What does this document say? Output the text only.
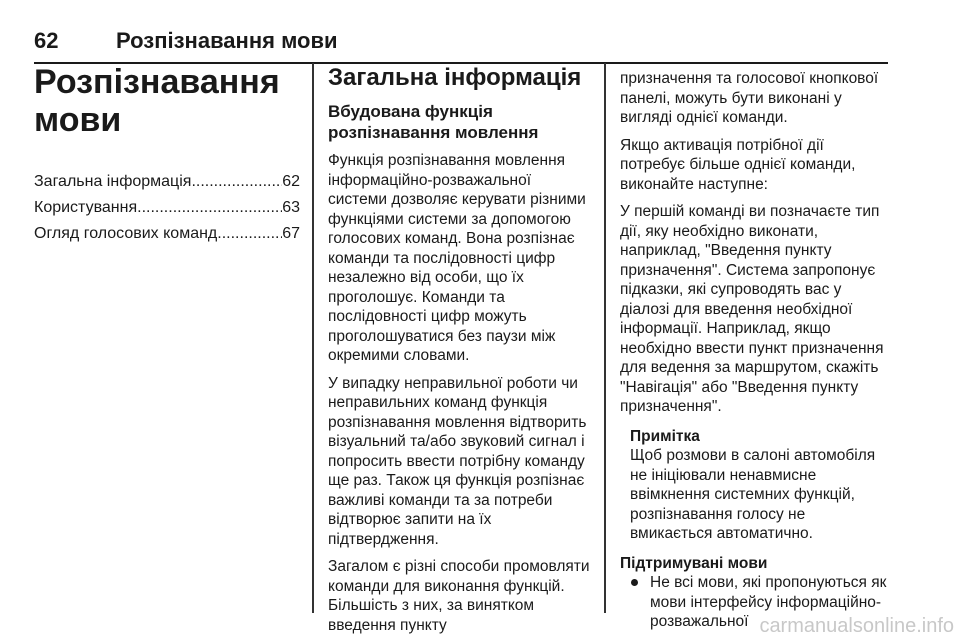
62	Розпізнавання мови
Розпізнавання
мови
Загальна інформація .....	62
Користування .....	63
Огляд голосових команд .....	67
Загальна інформація
Вбудована функція розпізнавання мовлення

Функція розпізнавання мовлення інформаційно-розважальної системи дозволяє керувати різними функціями системи за допомогою голосових команд. Вона розпізнає команди та послідовності цифр незалежно від особи, що їх проголошує. Команди та послідовності цифр можуть проголошуватися без паузи між окремими словами.

У випадку неправильної роботи чи неправильних команд функція розпізнавання мовлення відтворить візуальний та/або звуковий сигнал і попросить ввести потрібну команду ще раз. Також ця функція розпізнає важливі команди та за потреби відтворює запити на їх підтвердження.

Загалом є різні способи промовляти команди для виконання функцій. Більшість з них, за винятком введення пункту

призначення та голосової кнопкової панелі, можуть бути виконані у вигляді однієї команди.

Якщо активація потрібної дії потребує більше однієї команди, виконайте наступне:

У першій команді ви позначаєте тип дії, яку необхідно виконати, наприклад, "Введення пункту призначення". Система запропонує підказки, які супроводять вас у діалозі для введення необхідної інформації. Наприклад, якщо необхідно ввести пункт призначення для ведення за маршрутом, скажіть "Навігація" або "Введення пункту призначення".

Примітка
Щоб розмови в салоні автомобіля не ініціювали ненавмисне ввімкнення системних функцій, розпізнавання голосу не вмикається автоматично.
Підтримувані мови
Не всі мови, які пропонуються як мови інтерфейсу інформаційно-розважальної carmanualsonline.info
